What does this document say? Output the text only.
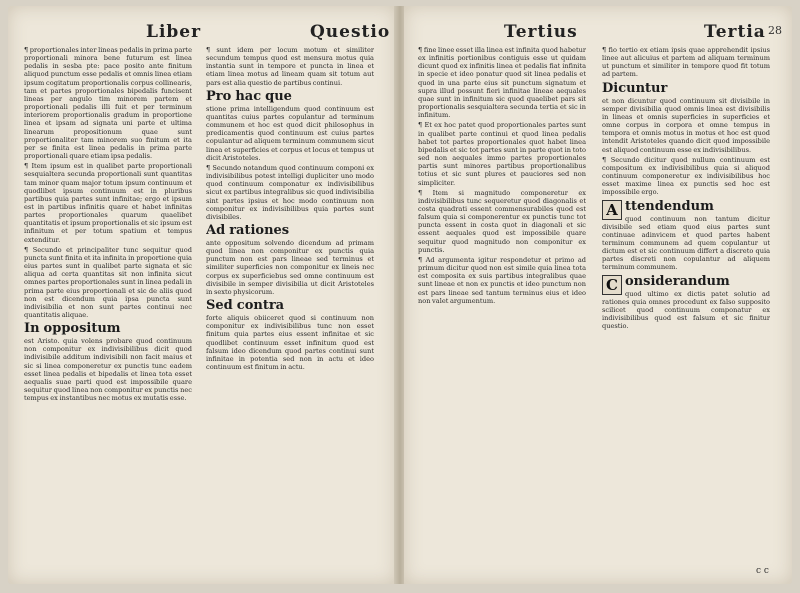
Liber	Questio
¶ proportionales inter lineas pedalis in prima parte proportionali minora bene futurum est linea pedalis in sesba pte: pace posito ante finitum aliquod punctum esse pedalis et omnis linea etiam ipsum cogitatum proportionalis corpus collinearis, tam et partes proportionales bipedalis funcisent lineas per angulo tim minorem partem et proportionali pedalis illi fuit et per terminum interiorem proportionalis gradum in proportione linea et ipsam ad signata uni parte et ultima linearum propositionum quae sunt proportionaliter tam minorem suo finitum et ita per se finita est linea pedalis in prima parte proportionali quare etiam ipsa pedalis.
¶ Item ipsum est in qualibet parte proportionali sesquialtera secunda proportionali sunt quantitas tam minor quam major totum ipsum continuum et quodlibet ipsum continuum est in pluribus partibus quia partes sunt infinitae; ergo et ipsum est in partibus infinitis quare et habet infinitas partes proportionales quarum quaelibet quantitatis et ipsum proportionalis et sic ipsum est infinitum et per totum spatium et tempus extenditur.
¶ Secundo et principaliter tunc sequitur quod puncta sunt finita et ita infinita in proportione quia eius partes sunt in qualibet parte signata et sic aliqua ad certa quantitas sit non infinita sicut omnes partes proportionales sunt in linea pedali in prima parte eius proportionali et sic de aliis quod non est dicendum quia ipsa puncta sunt indivisibilia et non sunt partes continui nec quantitatis aliquae.
In oppositum
est Aristo. quia volens probare quod continuum non componitur ex indivisibilibus dicit quod indivisibile additum indivisibili non facit maius et sic si linea componeretur ex punctis tunc eadem esset linea pedalis et bipedalis et linea tota esset aequalis suae parti quod est impossibile quare sequitur quod linea non componitur ex punctis nec tempus ex instantibus nec motus ex mutatis esse.
¶ sunt idem per locum motum et similiter secundum tempus quod est mensura motus quia instantia sunt in tempore et puncta in linea et etiam linea motus ad lineam quam sit totum aut pars est alia questio de partibus continui.
Pro hac que
stione prima intelligendum quod continuum est quantitas cuius partes copulantur ad terminum communem et hoc est quod dicit philosophus in predicamentis quod continuum est cuius partes copulantur ad aliquem terminum communem sicut linea et superficies et corpus et locus et tempus ut dicit Aristoteles.
¶ Secundo notandum quod continuum componi ex indivisibilibus potest intelligi dupliciter uno modo quod continuum componatur ex indivisibilibus sicut ex partibus integralibus sic quod indivisibilia sint partes ipsius et hoc modo continuum non componitur ex indivisibilibus quia partes sunt divisibiles.
Ad rationes
ante oppositum solvendo dicendum ad primam quod linea non componitur ex punctis quia punctum non est pars lineae sed terminus et similiter superficies non componitur ex lineis nec corpus ex superficiebus sed omne continuum est divisibile in semper divisibilia ut dicit Aristoteles in sexto physicorum.
Sed contra
forte aliquis obiiceret quod si continuum non componitur ex indivisibilibus tunc non esset finitum quia partes eius essent infinitae et sic quodlibet continuum esset infinitum quod est falsum ideo dicendum quod partes continui sunt infinitae in potentia sed non in actu et ideo continuum est finitum in actu.
Tertius	Tertia 28
¶ fine linee esset illa linea est infinita quod habetur ex infinitis portionibus contiguis esse ut quidam dicunt quod ex infinitis linea et pedalis fiat infinita in specie et ideo ponatur quod sit linea pedalis et quod in una parte eius sit punctum signatum et supra illud possunt fieri infinitae lineae aequales quae sunt in infinitum sic quod quaelibet pars sit proportionalis sesquialtera secunda tertia et sic in infinitum.
¶ Et ex hoc patet quod proportionales partes sunt in qualibet parte continui et quod linea pedalis habet tot partes proportionales quot habet linea bipedalis et sic tot partes sunt in parte quot in toto sed non aequales immo partes proportionales partis sunt minores partibus proportionalibus totius et sic sunt plures et pauciores sed non simpliciter.
¶ Item si magnitudo componeretur ex indivisibilibus tunc sequeretur quod diagonalis et costa quadrati essent commensurabiles quod est falsum quia si componerentur ex punctis tunc tot puncta essent in costa quot in diagonali et sic essent aequales quod est impossibile quare sequitur quod magnitudo non componitur ex punctis.
¶ Ad argumenta igitur respondetur et primo ad primum dicitur quod non est simile quia linea tota est composita ex suis partibus integralibus quae sunt lineae et non ex punctis et ideo punctum non est pars lineae sed tantum terminus eius et ideo non valet argumentum.
¶ fio tertio ex etiam ipsis quae apprehendit ipsius linee aut alicuius et partem ad aliquam terminum ut punctum et similiter in tempore quod fit totum ad partem.
Dicuntur
et non dicuntur quod continuum sit divisibile in semper divisibilia quod omnis linea est divisibilis in lineas et omnis superficies in superficies et omne corpus in corpora et omne tempus in tempora et omnis motus in motus et hoc est quod intendit Aristoteles quando dicit quod impossibile est aliquod continuum esse ex indivisibilibus.
¶ Secundo dicitur quod nullum continuum est compositum ex indivisibilibus quia si aliquod continuum componeretur ex indivisibilibus hoc esset maxime linea ex punctis sed hoc est impossibile ergo.
A ttendendum
quod continuum non tantum dicitur divisibile sed etiam quod eius partes sunt continuae adinvicem et quod partes habent terminum communem ad quem copulantur ut dictum est et sic continuum differt a discreto quia partes discreti non copulantur ad aliquem terminum communem.
C onsiderandum
quod ultimo ex dictis patet solutio ad rationes quia omnes procedunt ex falso supposito scilicet quod continuum componatur ex indivisibilibus quod est falsum et sic finitur questio.
c c
